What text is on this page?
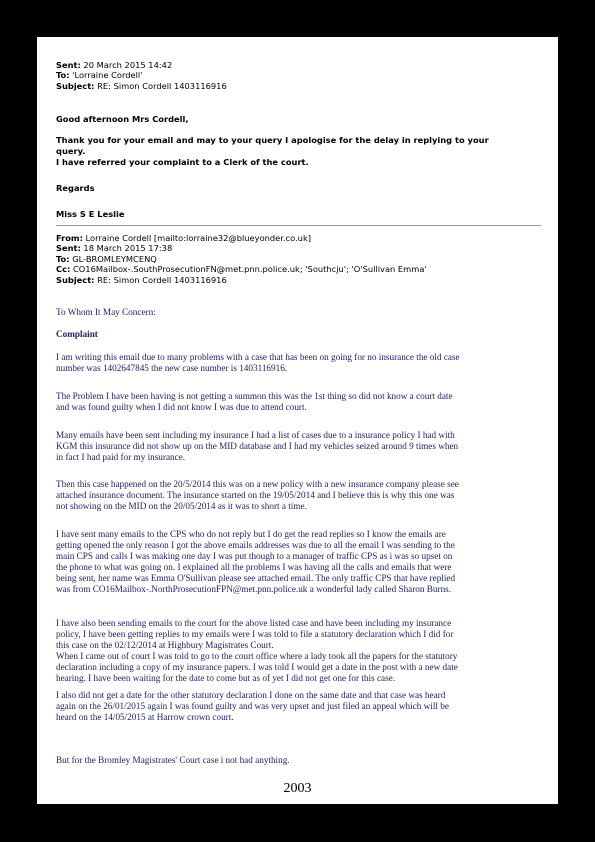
Sent: 20 March 2015 14:42

To: 'Lorraine Cordell'

Subject: RE: Simon Cordell 1403116916

Good afternoon Mrs Cordell,

Thank you for your email and may to your query I apologise for the delay in replying to your

query.

I have referred your complaint to a Clerk of the court.

Regards
Miss S E Leslie

From: Lorraine Cordell [mailto:lorraine32@blueyonder.co.uk]

Sent: 18 March 2015 17:38

To: GL-BROMLEYMCENQ

Cc: CO16Mailbox-.SouthProsecutionFN@met.pnn.police.uk; 'Southcju'; 'O'Sullivan Emma'

Subject: RE: Simon Cordell 1403116916

To Whom It May Concern:
Complaint

I am writing this email due to many problems with a case that has been on going for no insurance the old case

number was 1402647845 the new case number is 1403116916.

The Problem I have been having is not getting a summon this was the 1st thing so did not know a court date

and was found guilty when I did not know I was due to attend court.

Many emails have been sent including my insurance I had a list of cases due to a insurance policy I had with

KGM this insurance did not show up on the MID database and I had my vehicles seized around 9 times when

in fact I had paid for my insurance.

Then this case happened on the 20/5/2014 this was on a new policy with a new insurance company please see

attached insurance document. The insurance started on the 19/05/2014 and I believe this is why this one was

not showing on the MID on the 20/05/2014 as it was to short a time.

I have sent many emails to the CPS who do not reply but I do get the read replies so I know the emails are

getting opened the only reason I got the above emails addresses was due to all the email I was sending to the

main CPS and calls I was making one day I was put though to a manager of traffic CPS as i was so upset on

the phone to what was going on. I explained all the problems I was having all the calls and emails that were

being sent, her name was Emma O'Sullivan please see attached email. The only traffic CPS that have replied

was from CO16Mailbox-.NorthProsecutionFPN@met.pnn.police.uk a wonderful lady called Sharon Burns.

I have also been sending emails to the court for the above listed case and have been including my insurance

policy, I have been getting replies to my emails were I was told to file a statutory declaration which I did for

this case on the 02/12/2014 at Highbury Magistrates Court.

When I came out of court I was told to go to the court office where a lady took all the papers for the statutory

declaration including a copy of my insurance papers. I was told I would get a date in the post with a new date

hearing. I have been waiting for the date to come but as of yet I did not get one for this case.

I also did not get a date for the other statutory declaration I done on the same date and that case was heard

again on the 26/01/2015 again I was found guilty and was very upset and just filed an appeal which will be

heard on the 14/05/2015 at Harrow crown court.

But for the Bromley Magistrates' Court case i not had anything.

2003
